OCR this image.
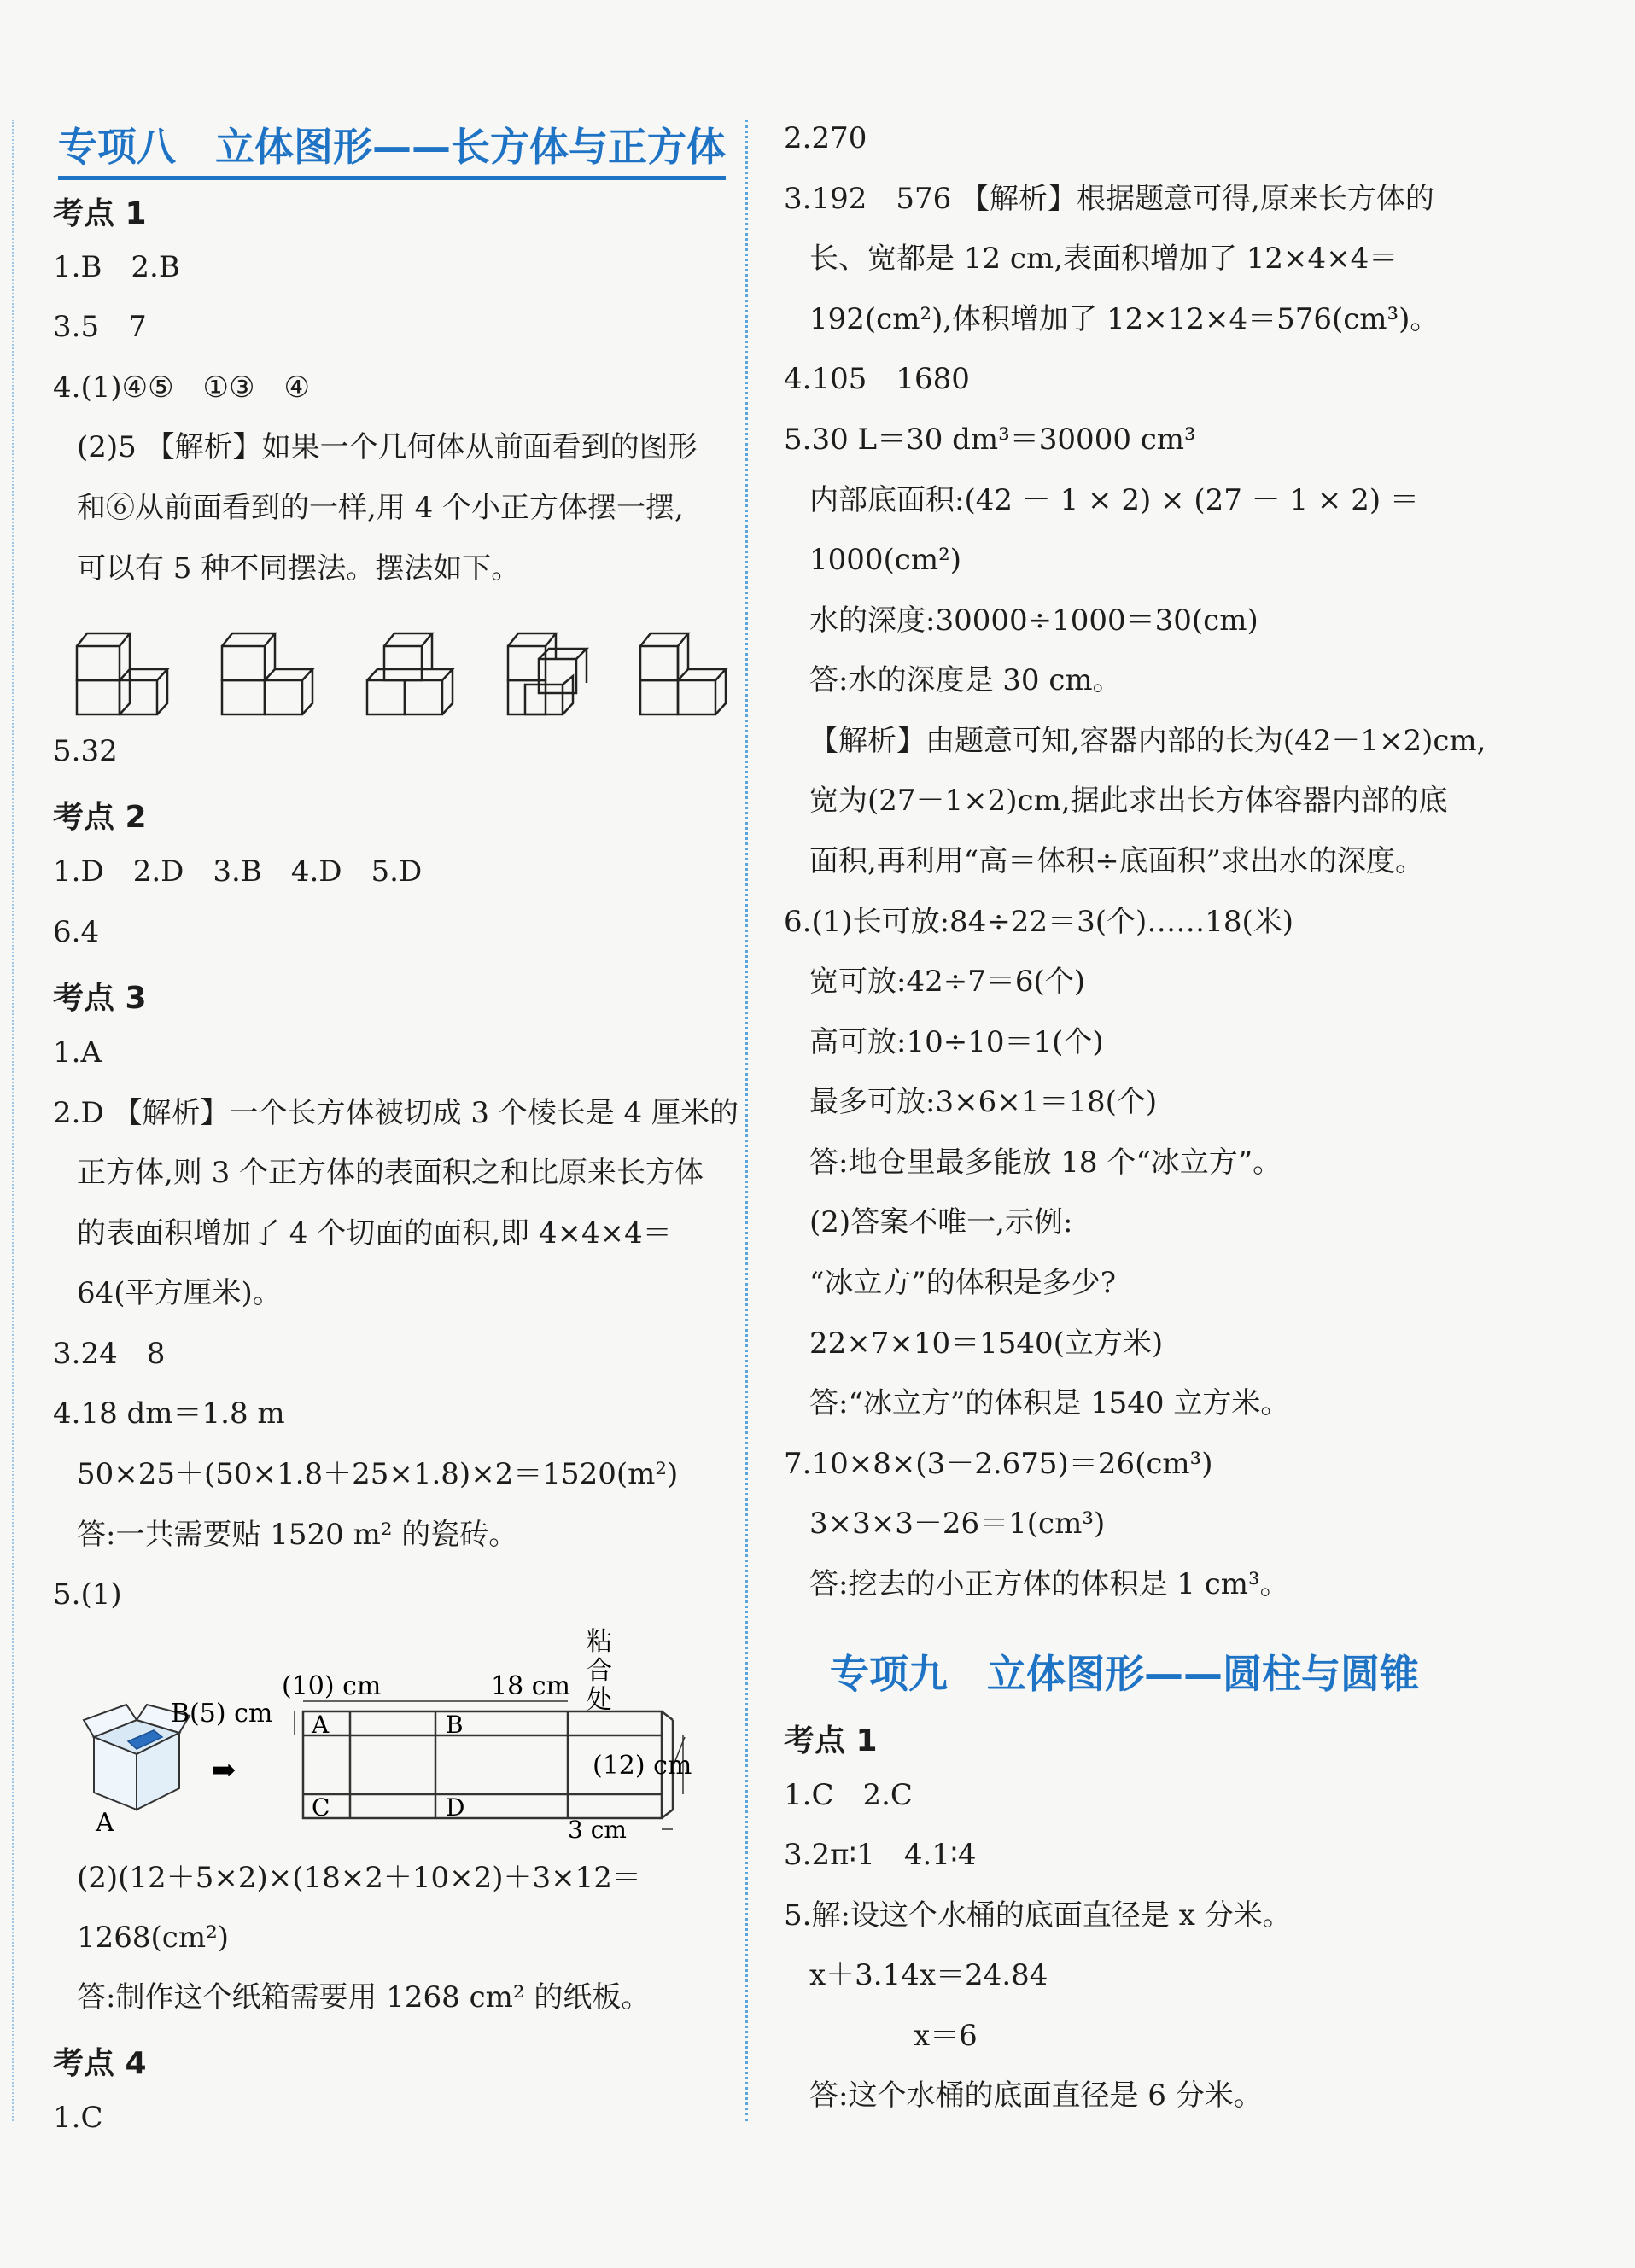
专项八　立体图形——长方体与正方体
考点 1
1.B　2.B
3.5　7
4.(1)④⑤　①③　④
(2)5 【解析】如果一个几何体从前面看到的图形
和⑥从前面看到的一样,用 4 个小正方体摆一摆,
可以有 5 种不同摆法。摆法如下。
5.32
考点 2
1.D　2.D　3.B　4.D　5.D
6.4
考点 3
1.A
2.D 【解析】一个长方体被切成 3 个棱长是 4 厘米的
正方体,则 3 个正方体的表面积之和比原来长方体
的表面积增加了 4 个切面的面积,即 4×4×4＝
64(平方厘米)。
3.24　8
4.18 dm＝1.8 m
50×25＋(50×1.8＋25×1.8)×2＝1520(m²)
答:一共需要贴 1520 m² 的瓷砖。
5.(1)
B(5) cm
A
➡
(10) cm	18 cm
粘
合
处
A	B
C	D
(12) cm
3 cm
(2)(12＋5×2)×(18×2＋10×2)＋3×12＝
1268(cm²)
答:制作这个纸箱需要用 1268 cm² 的纸板。
考点 4
1.C
2.270
3.192　576 【解析】根据题意可得,原来长方体的
长、宽都是 12 cm,表面积增加了 12×4×4＝
192(cm²),体积增加了 12×12×4＝576(cm³)。
4.105　1680
5.30 L＝30 dm³＝30000 cm³
内部底面积:(42 － 1 × 2) × (27 － 1 × 2) ＝
1000(cm²)
水的深度:30000÷1000＝30(cm)
答:水的深度是 30 cm。
【解析】由题意可知,容器内部的长为(42－1×2)cm,
宽为(27－1×2)cm,据此求出长方体容器内部的底
面积,再利用“高＝体积÷底面积”求出水的深度。
6.(1)长可放:84÷22＝3(个)……18(米)
宽可放:42÷7＝6(个)
高可放:10÷10＝1(个)
最多可放:3×6×1＝18(个)
答:地仓里最多能放 18 个“冰立方”。
(2)答案不唯一,示例:
“冰立方”的体积是多少?
22×7×10＝1540(立方米)
答:“冰立方”的体积是 1540 立方米。
7.10×8×(3－2.675)＝26(cm³)
3×3×3－26＝1(cm³)
答:挖去的小正方体的体积是 1 cm³。
专项九　立体图形——圆柱与圆锥
考点 1
1.C　2.C
3.2π∶1　4.1∶4
5.解:设这个水桶的底面直径是 x 分米。
x＋3.14x＝24.84
x＝6
答:这个水桶的底面直径是 6 分米。
